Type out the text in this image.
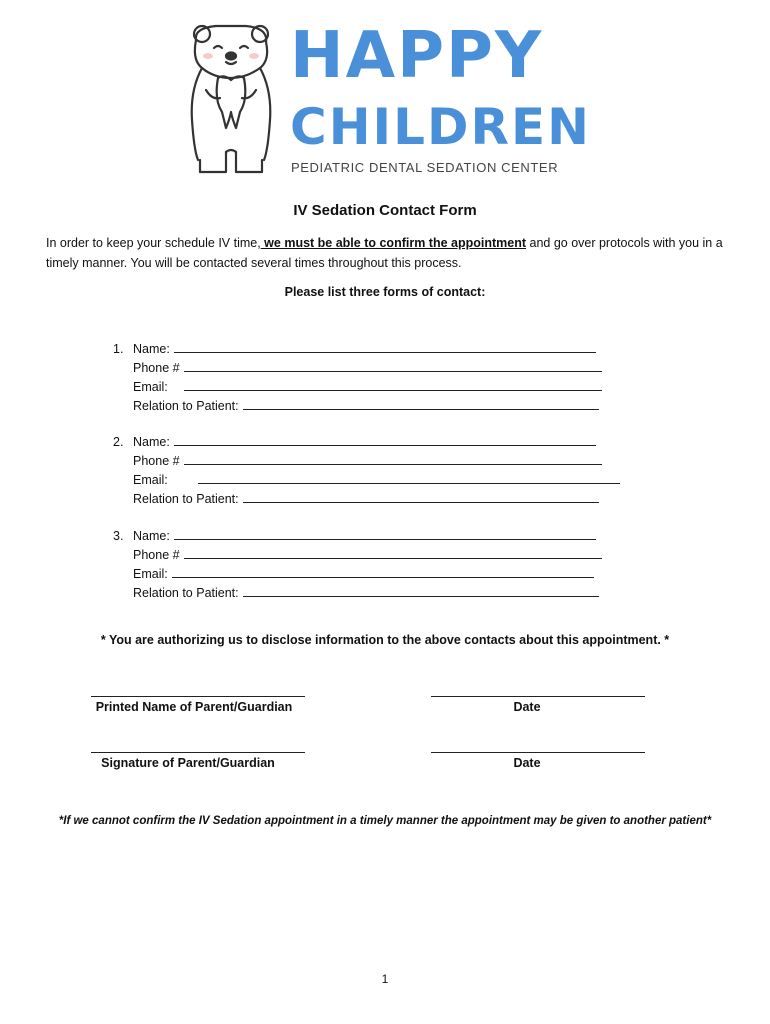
HAPPY
CHILDREN
PEDIATRIC DENTAL SEDATION CENTER
IV Sedation Contact Form
In order to keep your schedule IV time, we must be able to confirm the appointment and go over protocols with you in a
timely manner. You will be contacted several times throughout this process.
Please list three forms of contact:
1. Name:
Phone #
Email:
Relation to Patient:
2. Name:
Phone #
Email:
Relation to Patient:
3. Name:
Phone #
Email:
Relation to Patient:
* You are authorizing us to disclose information to the above contacts about this appointment. *
Printed Name of Parent/Guardian	Date
Signature of Parent/Guardian	Date
*If we cannot confirm the IV Sedation appointment in a timely manner the appointment may be given to another patient*
1
